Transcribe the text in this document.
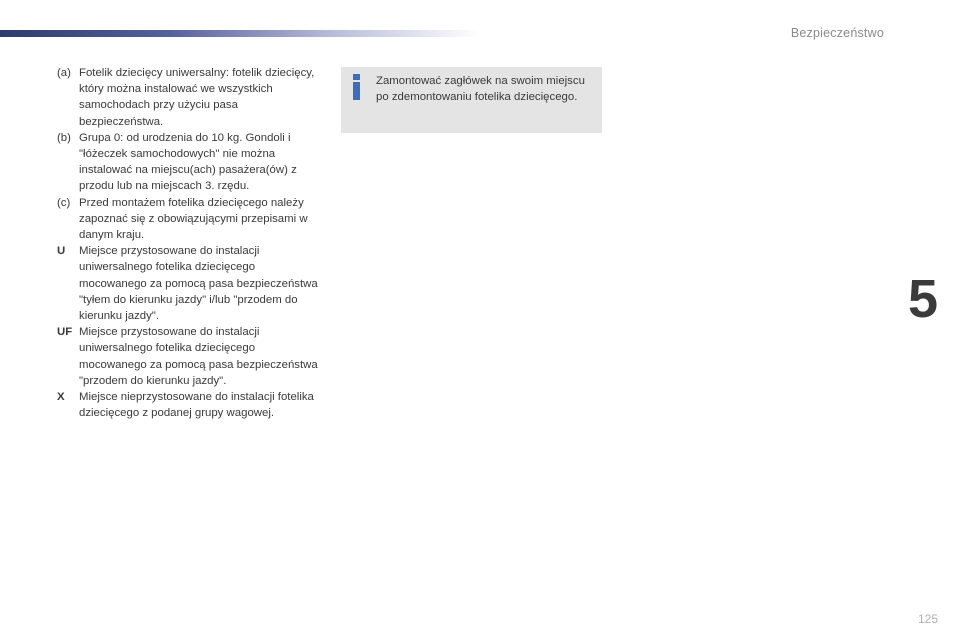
Bezpieczeństwo
(a) Fotelik dziecięcy uniwersalny: fotelik dziecięcy, który można instalować we wszystkich samochodach przy użyciu pasa bezpieczeństwa.
(b) Grupa 0: od urodzenia do 10 kg. Gondoli i "łóżeczek samochodowych" nie można instalować na miejscu(ach) pasażera(ów) z przodu lub na miejscach 3. rzędu.
(c) Przed montażem fotelika dziecięcego należy zapoznać się z obowiązującymi przepisami w danym kraju.
U	Miejsce przystosowane do instalacji uniwersalnego fotelika dziecięcego mocowanego za pomocą pasa bezpieczeństwa "tyłem do kierunku jazdy" i/lub "przodem do kierunku jazdy".
UF Miejsce przystosowane do instalacji uniwersalnego fotelika dziecięcego mocowanego za pomocą pasa bezpieczeństwa "przodem do kierunku jazdy".
X	Miejsce nieprzystosowane do instalacji fotelika dziecięcego z podanej grupy wagowej.
Zamontować zagłówek na swoim miejscu po zdemontowaniu fotelika dziecięcego.
5
125
